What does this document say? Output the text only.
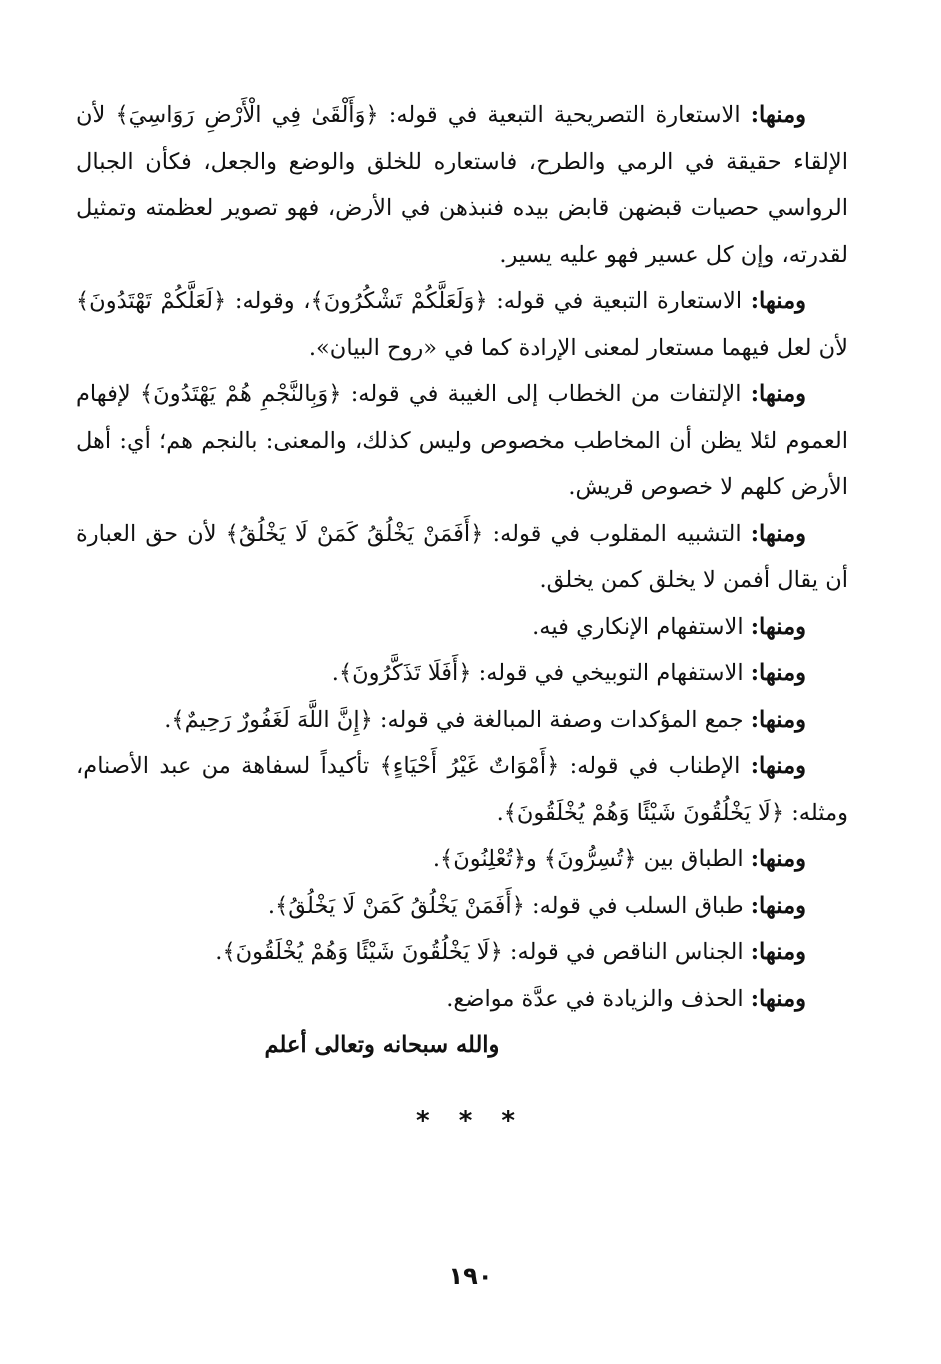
ومنها: الاستعارة التصريحية التبعية في قوله: ﴿وَأَلْقَىٰ فِي الْأَرْضِ رَوَاسِيَ﴾ لأن الإلقاء حقيقة في الرمي والطرح، فاستعاره للخلق والوضع والجعل، فكأن الجبال الرواسي حصيات قبضهن قابض بيده فنبذهن في الأرض، فهو تصوير لعظمته وتمثيل لقدرته، وإن كل عسير فهو عليه يسير.

ومنها: الاستعارة التبعية في قوله: ﴿وَلَعَلَّكُمْ تَشْكُرُونَ﴾، وقوله: ﴿لَعَلَّكُمْ تَهْتَدُونَ﴾ لأن لعل فيهما مستعار لمعنى الإرادة كما في «روح البيان».

ومنها: الإلتفات من الخطاب إلى الغيبة في قوله: ﴿وَبِالنَّجْمِ هُمْ يَهْتَدُونَ﴾ لإفهام العموم لئلا يظن أن المخاطب مخصوص وليس كذلك، والمعنى: بالنجم هم؛ أي: أهل الأرض كلهم لا خصوص قريش.

ومنها: التشبيه المقلوب في قوله: ﴿أَفَمَنْ يَخْلُقُ كَمَنْ لَا يَخْلُقُ﴾ لأن حق العبارة أن يقال أفمن لا يخلق كمن يخلق.

ومنها: الاستفهام الإنكاري فيه.

ومنها: الاستفهام التوبيخي في قوله: ﴿أَفَلَا تَذَكَّرُونَ﴾.

ومنها: جمع المؤكدات وصفة المبالغة في قوله: ﴿إِنَّ اللَّهَ لَغَفُورٌ رَحِيمٌ﴾.

ومنها: الإطناب في قوله: ﴿أَمْوَاتٌ غَيْرُ أَحْيَاءٍ﴾ تأكيداً لسفاهة من عبد الأصنام، ومثله: ﴿لَا يَخْلُقُونَ شَيْئًا وَهُمْ يُخْلَقُونَ﴾.

ومنها: الطباق بين ﴿تُسِرُّونَ﴾ و﴿تُعْلِنُونَ﴾.

ومنها: طباق السلب في قوله: ﴿أَفَمَنْ يَخْلُقُ كَمَنْ لَا يَخْلُقُ﴾.

ومنها: الجناس الناقص في قوله: ﴿لَا يَخْلُقُونَ شَيْئًا وَهُمْ يُخْلَقُونَ﴾.

ومنها: الحذف والزيادة في عدَّة مواضع.

والله سبحانه وتعالى أعلم

* * *
١٩٠
